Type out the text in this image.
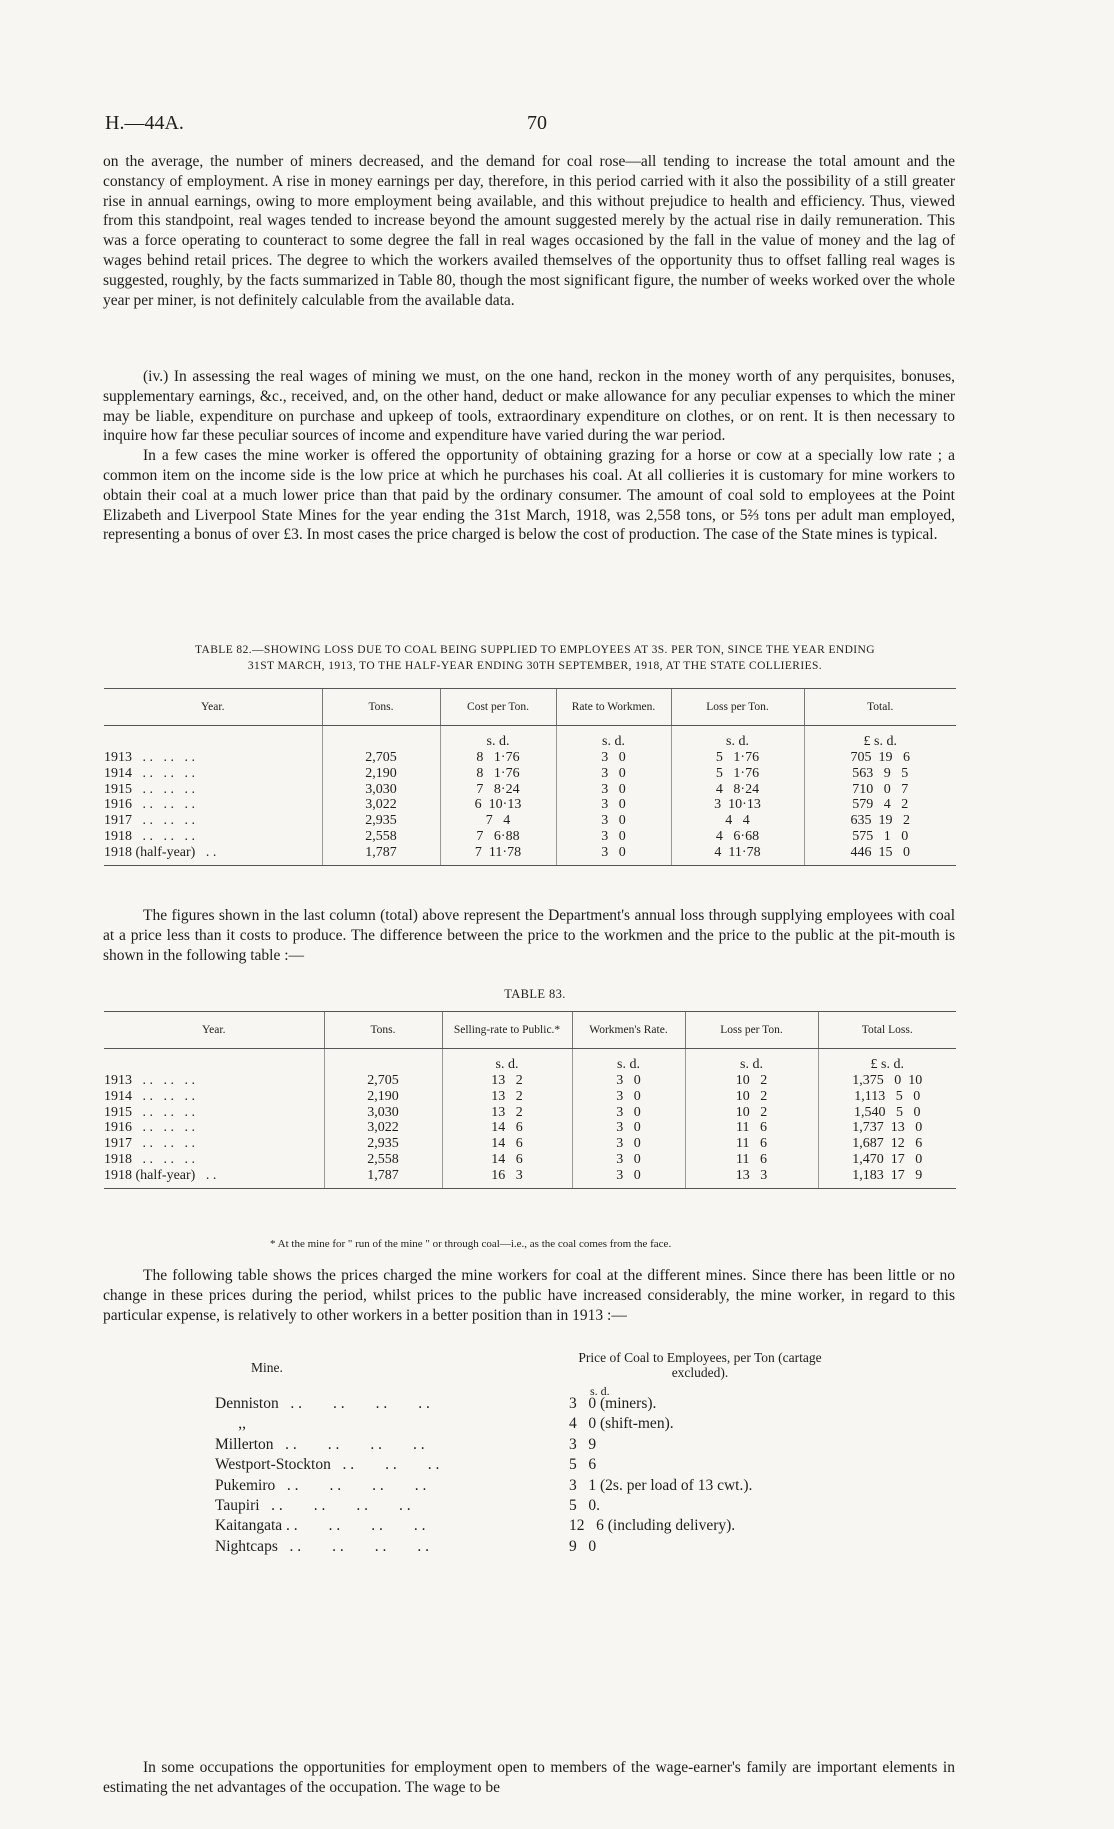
H.—44A.	70

on the average, the number of miners decreased, and the demand for coal rose—all tending to increase the total amount and the constancy of employment. A rise in money earnings per day, therefore, in this period carried with it also the possibility of a still greater rise in annual earnings, owing to more employment being available, and this without prejudice to health and efficiency. Thus, viewed from this standpoint, real wages tended to increase beyond the amount suggested merely by the actual rise in daily remuneration. This was a force operating to counteract to some degree the fall in real wages occasioned by the fall in the value of money and the lag of wages behind retail prices. The degree to which the workers availed themselves of the opportunity thus to offset falling real wages is suggested, roughly, by the facts summarized in Table 80, though the most significant figure, the number of weeks worked over the whole year per miner, is not definitely calculable from the available data.

(iv.) In assessing the real wages of mining we must, on the one hand, reckon in the money worth of any perquisites, bonuses, supplementary earnings, &c., received, and, on the other hand, deduct or make allowance for any peculiar expenses to which the miner may be liable, expenditure on purchase and upkeep of tools, extraordinary expenditure on clothes, or on rent. It is then necessary to inquire how far these peculiar sources of income and expenditure have varied during the war period.

In a few cases the mine worker is offered the opportunity of obtaining grazing for a horse or cow at a specially low rate ; a common item on the income side is the low price at which he purchases his coal. At all collieries it is customary for mine workers to obtain their coal at a much lower price than that paid by the ordinary consumer. The amount of coal sold to employees at the Point Elizabeth and Liverpool State Mines for the year ending the 31st March, 1918, was 2,558 tons, or 5⅔ tons per adult man employed, representing a bonus of over £3. In most cases the price charged is below the cost of production. The case of the State mines is typical.

TABLE 82.—SHOWING LOSS DUE TO COAL BEING SUPPLIED TO EMPLOYEES AT 3S. PER TON, SINCE THE YEAR ENDING
31ST MARCH, 1913, TO THE HALF-YEAR ENDING 30TH SEPTEMBER, 1918, AT THE STATE COLLIERIES.
Year.	Tons.	Cost per Ton.	Rate to Workmen.	Loss per Ton.	Total.
		s. d.	s. d.	s. d.	£ s. d.
1913   . .   . .   . .	2,705	8   1·76	3   0	5   1·76	705  19   6
1914   . .   . .   . .	2,190	8   1·76	3   0	5   1·76	563   9   5
1915   . .   . .   . .	3,030	7   8·24	3   0	4   8·24	710   0   7
1916   . .   . .   . .	3,022	6  10·13	3   0	3  10·13	579   4   2
1917   . .   . .   . .	2,935	7   4	3   0	4   4	635  19   2
1918   . .   . .   . .	2,558	7   6·88	3   0	4   6·68	575   1   0
1918 (half-year)   . .	1,787	7  11·78	3   0	4  11·78	446  15   0

The figures shown in the last column (total) above represent the Department's annual loss through supplying employees with coal at a price less than it costs to produce. The difference between the price to the workmen and the price to the public at the pit-mouth is shown in the following table :—

TABLE 83.
Year.	Tons.	Selling-rate to Public.*	Workmen's Rate.	Loss per Ton.	Total Loss.
		s. d.	s. d.	s. d.	£ s. d.
1913   . .   . .   . .	2,705	13   2	3   0	10   2	1,375   0  10
1914   . .   . .   . .	2,190	13   2	3   0	10   2	1,113   5   0
1915   . .   . .   . .	3,030	13   2	3   0	10   2	1,540   5   0
1916   . .   . .   . .	3,022	14   6	3   0	11   6	1,737  13   0
1917   . .   . .   . .	2,935	14   6	3   0	11   6	1,687  12   6
1918   . .   . .   . .	2,558	14   6	3   0	11   6	1,470  17   0
1918 (half-year)   . .	1,787	16   3	3   0	13   3	1,183  17   9
* At the mine for " run of the mine " or through coal—i.e., as the coal comes from the face.

The following table shows the prices charged the mine workers for coal at the different mines. Since there has been little or no change in these prices during the period, whilst prices to the public have increased considerably, the mine worker, in regard to this particular expense, is relatively to other workers in a better position than in 1913 :—

Mine.
Price of Coal to Employees, per Ton (cartage excluded).
s. d.
Denniston   . .        . .        . .        . .	3   0 (miners).
,,	4   0 (shift-men).
Millerton   . .        . .        . .        . .	3   9
Westport-Stockton   . .        . .        . .	5   6
Pukemiro   . .        . .        . .        . .	3   1 (2s. per load of 13 cwt.).
Taupiri   . .        . .        . .        . .	5   0.
Kaitangata . .        . .        . .        . .	12   6 (including delivery).
Nightcaps   . .        . .        . .        . .	9   0

In some occupations the opportunities for employment open to members of the wage-earner's family are important elements in estimating the net advantages of the occupation. The wage to be
